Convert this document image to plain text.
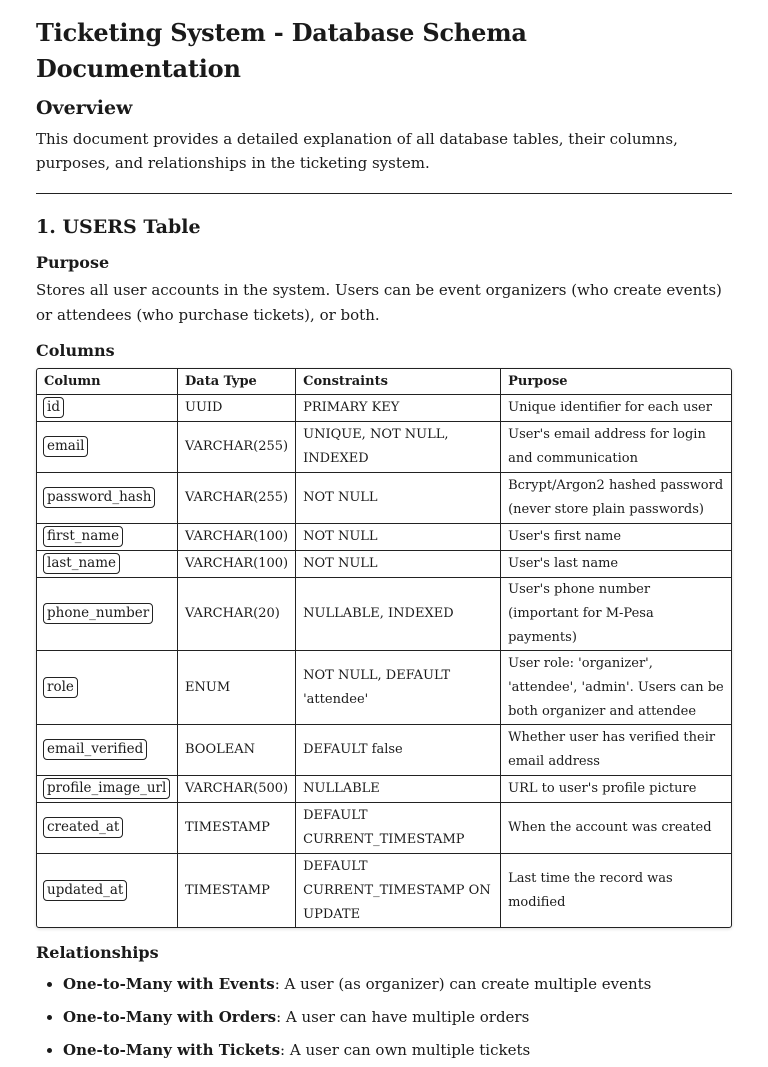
Ticketing System - Database Schema Documentation
Overview

This document provides a detailed explanation of all database tables, their columns, purposes, and relationships in the ticketing system.

1. USERS Table
Purpose

Stores all user accounts in the system. Users can be event organizers (who create events) or attendees (who purchase tickets), or both.

Columns
Column	Data Type	Constraints	Purpose
id	UUID	PRIMARY KEY	Unique identifier for each user
email	VARCHAR(255)	UNIQUE, NOT NULL, INDEXED	User's email address for login and communication
password_hash	VARCHAR(255)	NOT NULL	Bcrypt/Argon2 hashed password (never store plain passwords)
first_name	VARCHAR(100)	NOT NULL	User's first name
last_name	VARCHAR(100)	NOT NULL	User's last name
phone_number	VARCHAR(20)	NULLABLE, INDEXED	User's phone number (important for M-Pesa payments)
role	ENUM	NOT NULL, DEFAULT 'attendee'	User role: 'organizer', 'attendee', 'admin'. Users can be both organizer and attendee
email_verified	BOOLEAN	DEFAULT false	Whether user has verified their email address
profile_image_url	VARCHAR(500)	NULLABLE	URL to user's profile picture
created_at	TIMESTAMP	DEFAULT CURRENT_TIMESTAMP	When the account was created
updated_at	TIMESTAMP	DEFAULT CURRENT_TIMESTAMP ON UPDATE	Last time the record was modified
Relationships
• One-to-Many with Events: A user (as organizer) can create multiple events
• One-to-Many with Orders: A user can have multiple orders
• One-to-Many with Tickets: A user can own multiple tickets
